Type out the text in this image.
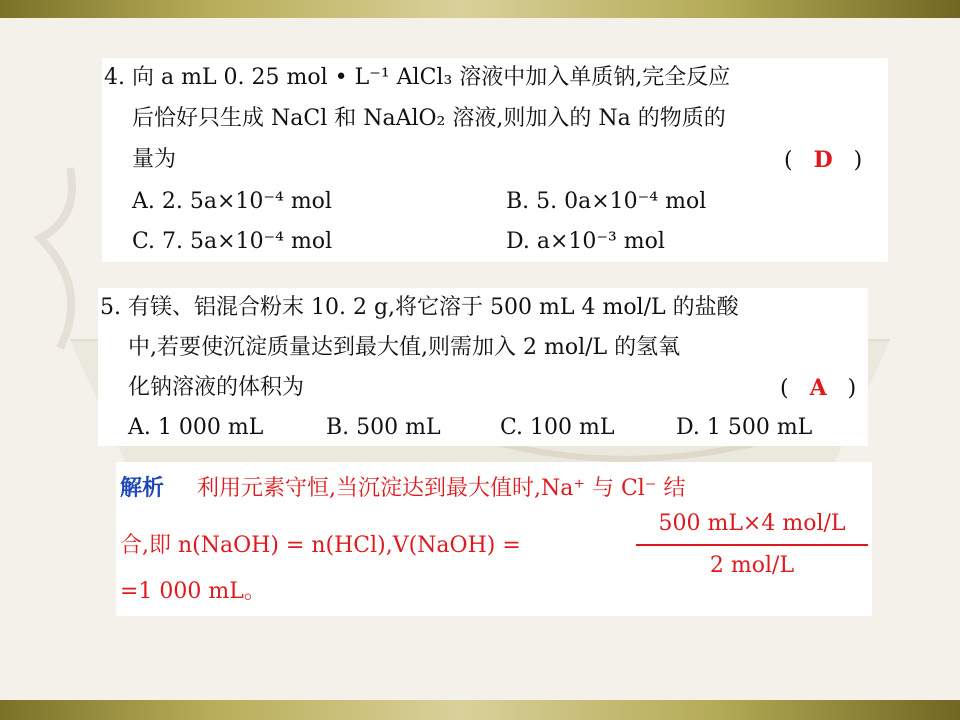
4. 向 a mL 0. 25 mol • L⁻¹ AlCl₃ 溶液中加入单质钠,完全反应
后恰好只生成 NaCl 和 NaAlO₂ 溶液,则加入的 Na 的物质的
量为	( D )
A. 2. 5a×10⁻⁴ mol	B. 5. 0a×10⁻⁴ mol
C. 7. 5a×10⁻⁴ mol	D. a×10⁻³ mol
5. 有镁、铝混合粉末 10. 2 g,将它溶于 500 mL 4 mol/L 的盐酸
中,若要使沉淀质量达到最大值,则需加入 2 mol/L 的氢氧
化钠溶液的体积为	( A )
A. 1 000 mL	B. 500 mL	C. 100 mL	D. 1 500 mL
解析 利用元素守恒,当沉淀达到最大值时,Na⁺ 与 Cl⁻ 结
合,即 n(NaOH) = n(HCl),V(NaOH) =
500 mL×4 mol/L
2 mol/L
=1 000 mL。
